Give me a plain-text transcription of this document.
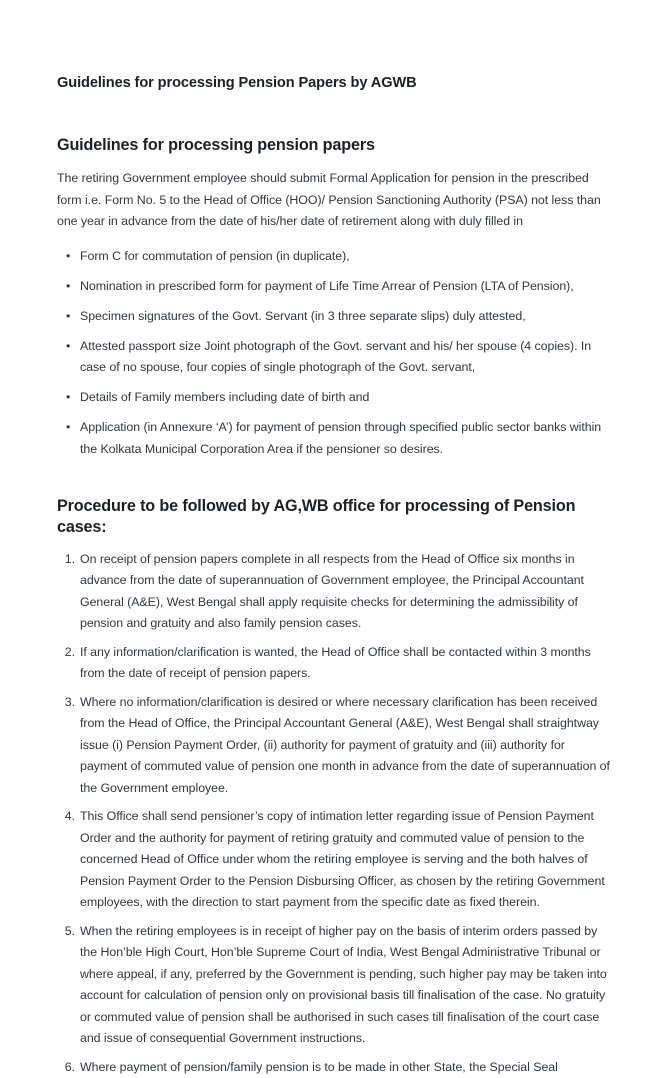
Guidelines for processing Pension Papers by AGWB
Guidelines for processing pension papers

The retiring Government employee should submit Formal Application for pension in the prescribed form i.e. Form No. 5 to the Head of Office (HOO)/ Pension Sanctioning Authority (PSA) not less than one year in advance from the date of his/her date of retirement along with duly filled in

• Form C for commutation of pension (in duplicate),
• Nomination in prescribed form for payment of Life Time Arrear of Pension (LTA of Pension),
• Specimen signatures of the Govt. Servant (in 3 three separate slips) duly attested,
• Attested passport size Joint photograph of the Govt. servant and his/ her spouse (4 copies). In case of no spouse, four copies of single photograph of the Govt. servant,
• Details of Family members including date of birth and
• Application (in Annexure ‘A’) for payment of pension through specified public sector banks within the Kolkata Municipal Corporation Area if the pensioner so desires.
Procedure to be followed by AG,WB office for processing of Pension cases:
On receipt of pension papers complete in all respects from the Head of Office six months in advance from the date of superannuation of Government employee, the Principal Accountant General (A&E), West Bengal shall apply requisite checks for determining the admissibility of pension and gratuity and also family pension cases.
If any information/clarification is wanted, the Head of Office shall be contacted within 3 months from the date of receipt of pension papers.
Where no information/clarification is desired or where necessary clarification has been received from the Head of Office, the Principal Accountant General (A&E), West Bengal shall straightway issue (i) Pension Payment Order, (ii) authority for payment of gratuity and (iii) authority for payment of commuted value of pension one month in advance from the date of superannuation of the Government employee.
This Office shall send pensioner’s copy of intimation letter regarding issue of Pension Payment Order and the authority for payment of retiring gratuity and commuted value of pension to the concerned Head of Office under whom the retiring employee is serving and the both halves of Pension Payment Order to the Pension Disbursing Officer, as chosen by the retiring Government employees, with the direction to start payment from the specific date as fixed therein.
When the retiring employees is in receipt of higher pay on the basis of interim orders passed by the Hon’ble High Court, Hon’ble Supreme Court of India, West Bengal Administrative Tribunal or where appeal, if any, preferred by the Government is pending, such higher pay may be taken into account for calculation of pension only on provisional basis till finalisation of the case. No gratuity or commuted value of pension shall be authorised in such cases till finalisation of the court case and issue of consequential Government instructions.
Where payment of pension/family pension is to be made in other State, the Special Seal
